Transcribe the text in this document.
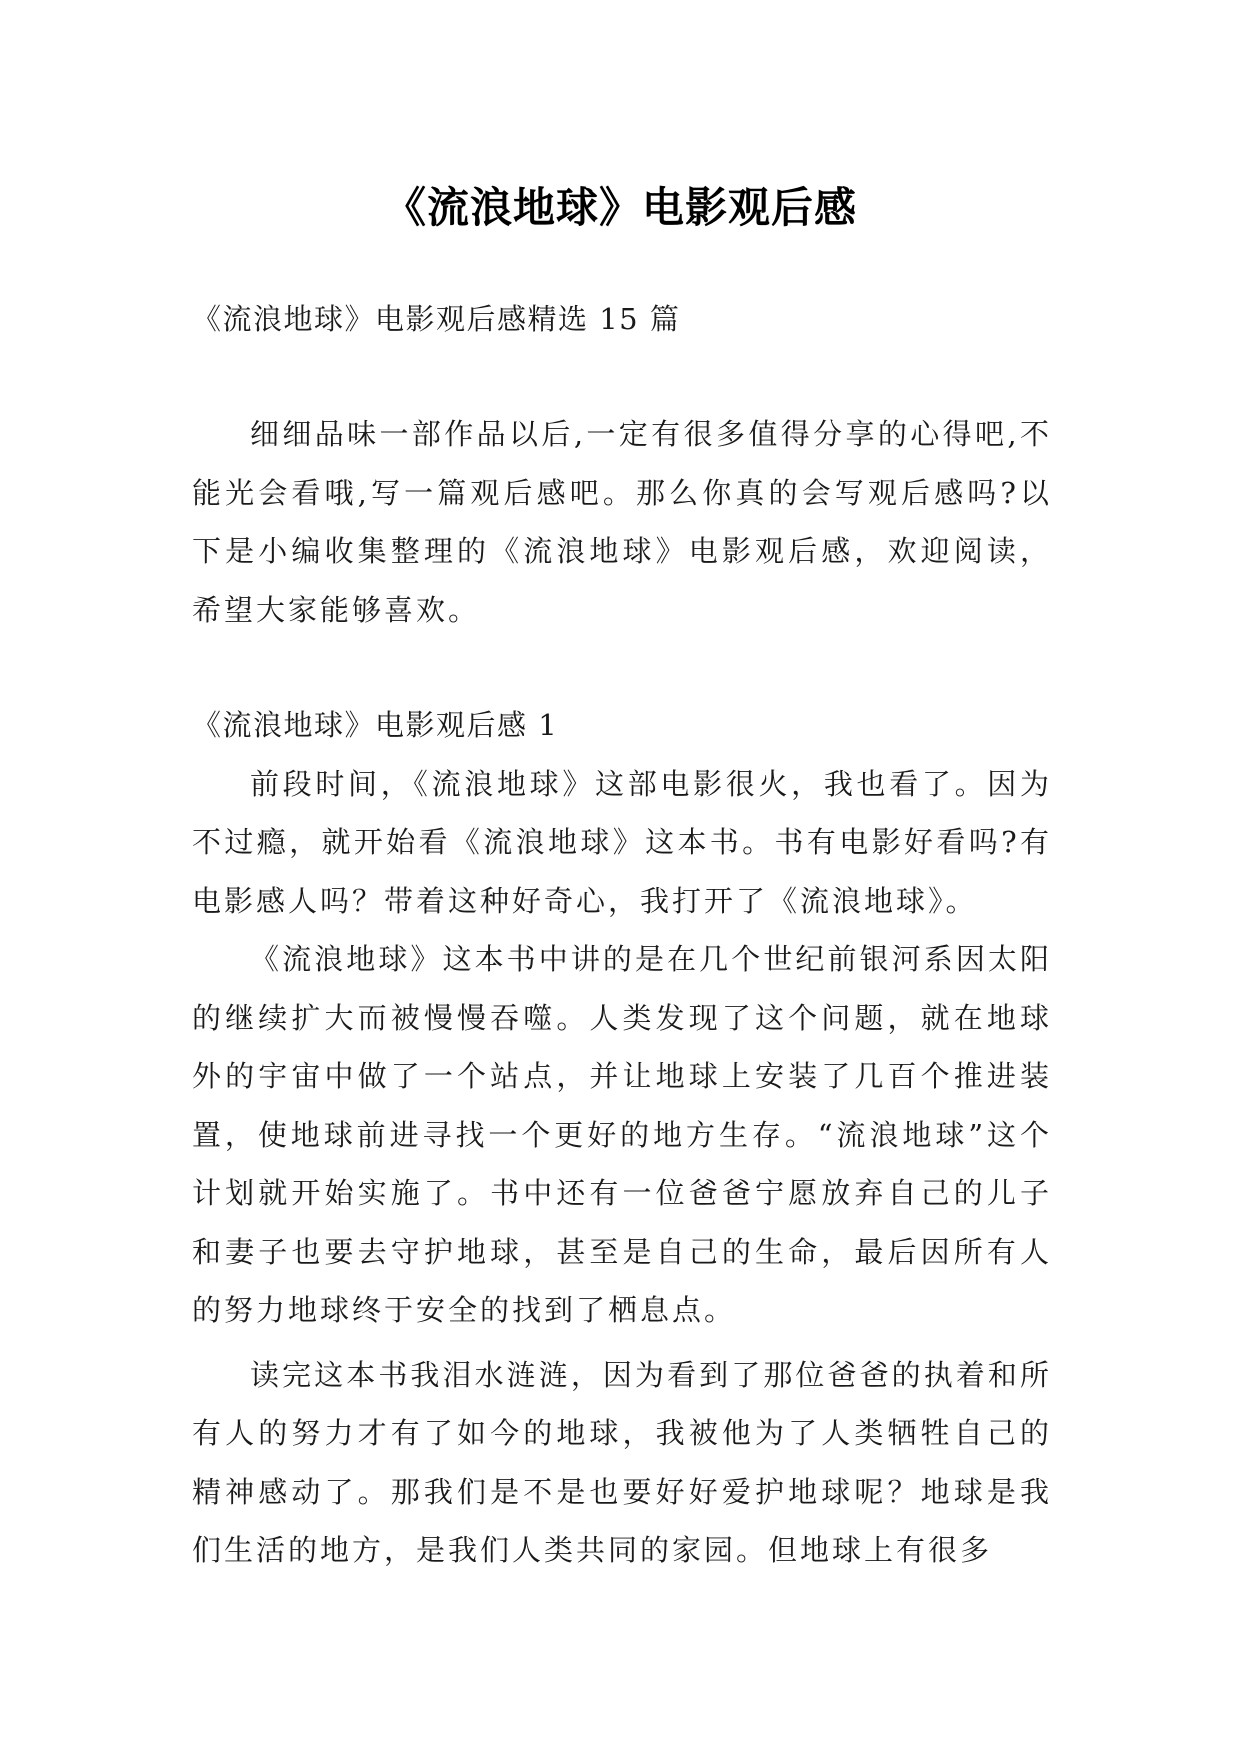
《流浪地球》电影观后感
《流浪地球》电影观后感精选 15 篇

细细品味一部作品以后,一定有很多值得分享的心得吧,不能光会看哦,写一篇观后感吧。那么你真的会写观后感吗?以下是小编收集整理的《流浪地球》电影观后感，欢迎阅读，希望大家能够喜欢。

《流浪地球》电影观后感 1

前段时间，《流浪地球》这部电影很火，我也看了。因为不过瘾，就开始看《流浪地球》这本书。书有电影好看吗?有电影感人吗？带着这种好奇心，我打开了《流浪地球》。

《流浪地球》这本书中讲的是在几个世纪前银河系因太阳的继续扩大而被慢慢吞噬。人类发现了这个问题，就在地球外的宇宙中做了一个站点，并让地球上安装了几百个推进装置，使地球前进寻找一个更好的地方生存。“流浪地球”这个计划就开始实施了。书中还有一位爸爸宁愿放弃自己的儿子和妻子也要去守护地球，甚至是自己的生命，最后因所有人的努力地球终于安全的找到了栖息点。

读完这本书我泪水涟涟，因为看到了那位爸爸的执着和所有人的努力才有了如今的地球，我被他为了人类牺牲自己的精神感动了。那我们是不是也要好好爱护地球呢？地球是我们生活的地方，是我们人类共同的家园。但地球上有很多
